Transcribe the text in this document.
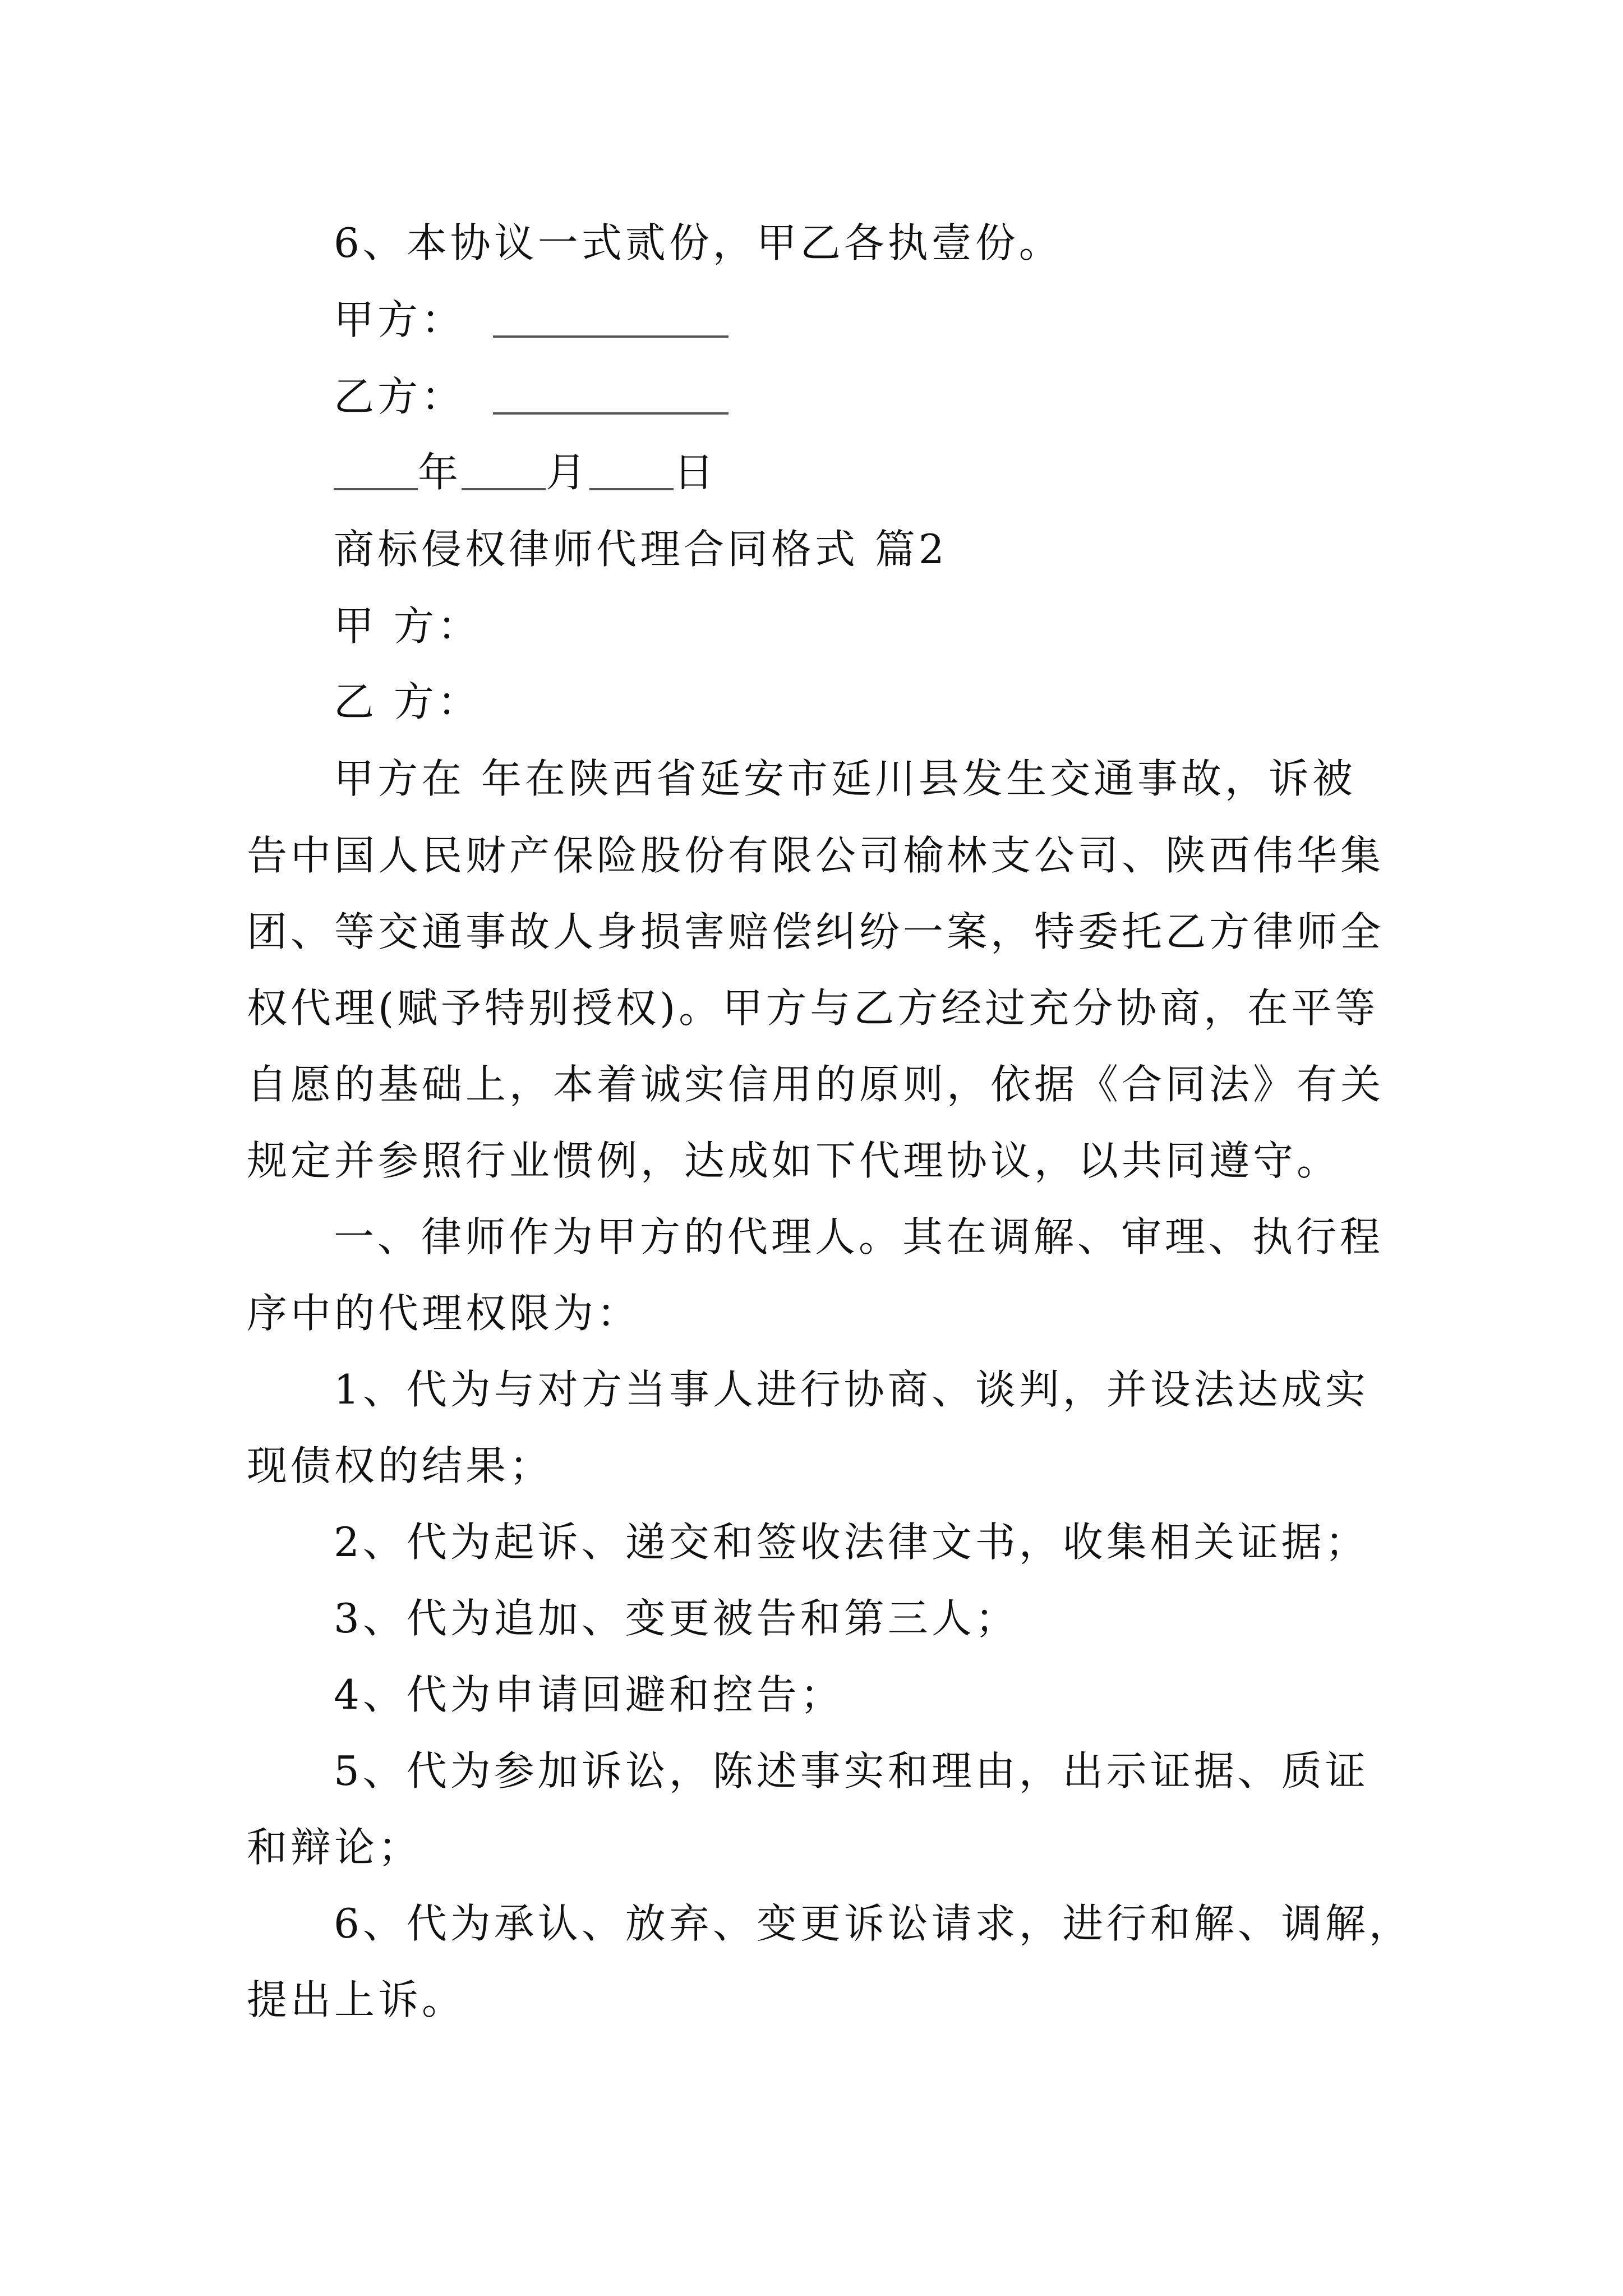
6、本协议一式贰份，甲乙各执壹份。
甲方：
乙方：
年 月 日
商标侵权律师代理合同格式 篇2
甲 方：
乙 方：
甲方在 年在陕西省延安市延川县发生交通事故，诉被
告中国人民财产保险股份有限公司榆林支公司、陕西伟华集
团、等交通事故人身损害赔偿纠纷一案，特委托乙方律师全
权代理(赋予特别授权)。甲方与乙方经过充分协商，在平等
自愿的基础上，本着诚实信用的原则，依据《合同法》有关
规定并参照行业惯例，达成如下代理协议，以共同遵守。
一、律师作为甲方的代理人。其在调解、审理、执行程
序中的代理权限为：
1、代为与对方当事人进行协商、谈判，并设法达成实
现债权的结果；
2、代为起诉、递交和签收法律文书，收集相关证据；
3、代为追加、变更被告和第三人；
4、代为申请回避和控告；
5、代为参加诉讼，陈述事实和理由，出示证据、质证
和辩论；
6、代为承认、放弃、变更诉讼请求，进行和解、调解，
提出上诉。
